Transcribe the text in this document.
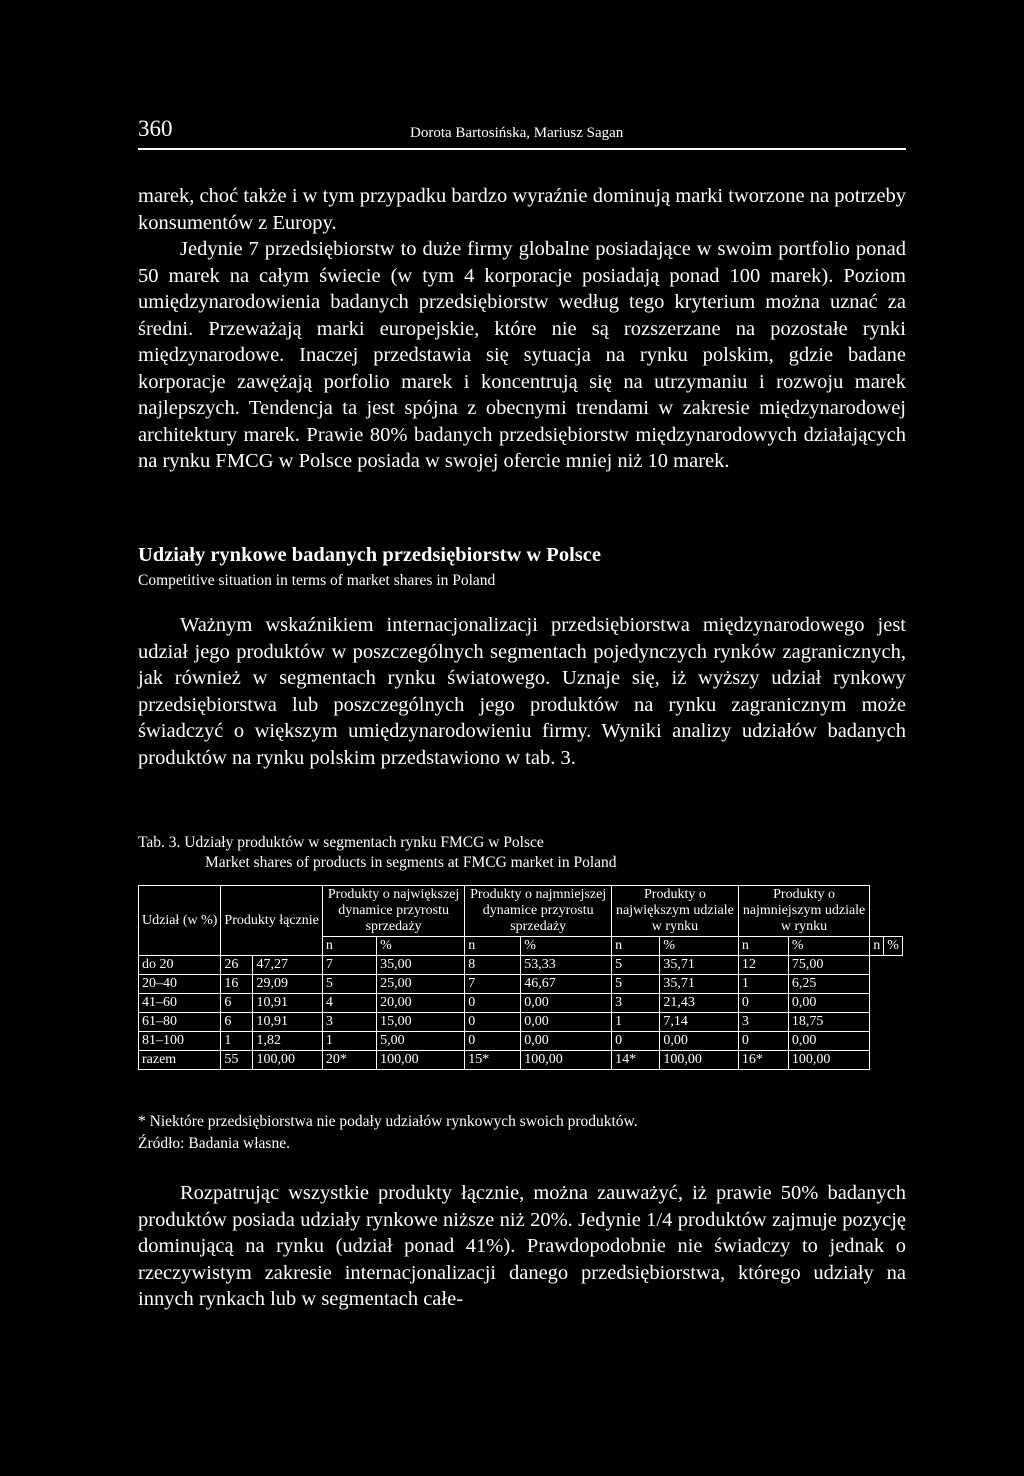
360	Dorota Bartosińska, Mariusz Sagan
marek, choć także i w tym przypadku bardzo wyraźnie dominują marki tworzone na potrzeby konsumentów z Europy.
Jedynie 7 przedsiębiorstw to duże firmy globalne posiadające w swoim portfolio ponad 50 marek na całym świecie (w tym 4 korporacje posiadają ponad 100 marek). Poziom umiędzynarodowienia badanych przedsiębiorstw według tego kryterium można uznać za średni. Przeważają marki europejskie, które nie są rozszerzane na pozostałe rynki międzynarodowe. Inaczej przedstawia się sytuacja na rynku polskim, gdzie badane korporacje zawężają porfolio marek i koncentrują się na utrzymaniu i rozwoju marek najlepszych. Tendencja ta jest spójna z obecnymi trendami w zakresie międzynarodowej architektury marek. Prawie 80% badanych przedsiębiorstw międzynarodowych działających na rynku FMCG w Polsce posiada w swojej ofercie mniej niż 10 marek.
Udziały rynkowe badanych przedsiębiorstw w Polsce
Competitive situation in terms of market shares in Poland

Ważnym wskaźnikiem internacjonalizacji przedsiębiorstwa międzynarodowego jest udział jego produktów w poszczególnych segmentach pojedynczych rynków zagranicznych, jak również w segmentach rynku światowego. Uznaje się, iż wyższy udział rynkowy przedsiębiorstwa lub poszczególnych jego produktów na rynku zagranicznym może świadczyć o większym umiędzynarodowieniu firmy. Wyniki analizy udziałów badanych produktów na rynku polskim przedstawiono w tab. 3.

Tab. 3. Udziały produktów w segmentach rynku FMCG w Polsce
Market shares of products in segments at FMCG market in Poland
Udział (w %)	Produkty łącznie		Produkty o największej dynamice przyrostu sprzedaży		Produkty o najmniejszej dynamice przyrostu sprzedaży		Produkty o największym udziale w rynku		Produkty o najmniejszym udziale w rynku			
			n	%	n	%	n	%	n	%	n	%
do 20	26	47,27	7	35,00	8	53,33	5	35,71	12	75,00		
20–40	16	29,09	5	25,00	7	46,67	5	35,71	1	6,25		
41–60	6	10,91	4	20,00	0	0,00	3	21,43	0	0,00		
61–80	6	10,91	3	15,00	0	0,00	1	7,14	3	18,75		
81–100	1	1,82	1	5,00	0	0,00	0	0,00	0	0,00		
razem	55	100,00	20*	100,00	15*	100,00	14*	100,00	16*	100,00		
* Niektóre przedsiębiorstwa nie podały udziałów rynkowych swoich produktów.
Źródło: Badania własne.

Rozpatrując wszystkie produkty łącznie, można zauważyć, iż prawie 50% badanych produktów posiada udziały rynkowe niższe niż 20%. Jedynie 1/4 produktów zajmuje pozycję dominującą na rynku (udział ponad 41%). Prawdopodobnie nie świadczy to jednak o rzeczywistym zakresie internacjonalizacji danego przedsiębiorstwa, którego udziały na innych rynkach lub w segmentach całe-
